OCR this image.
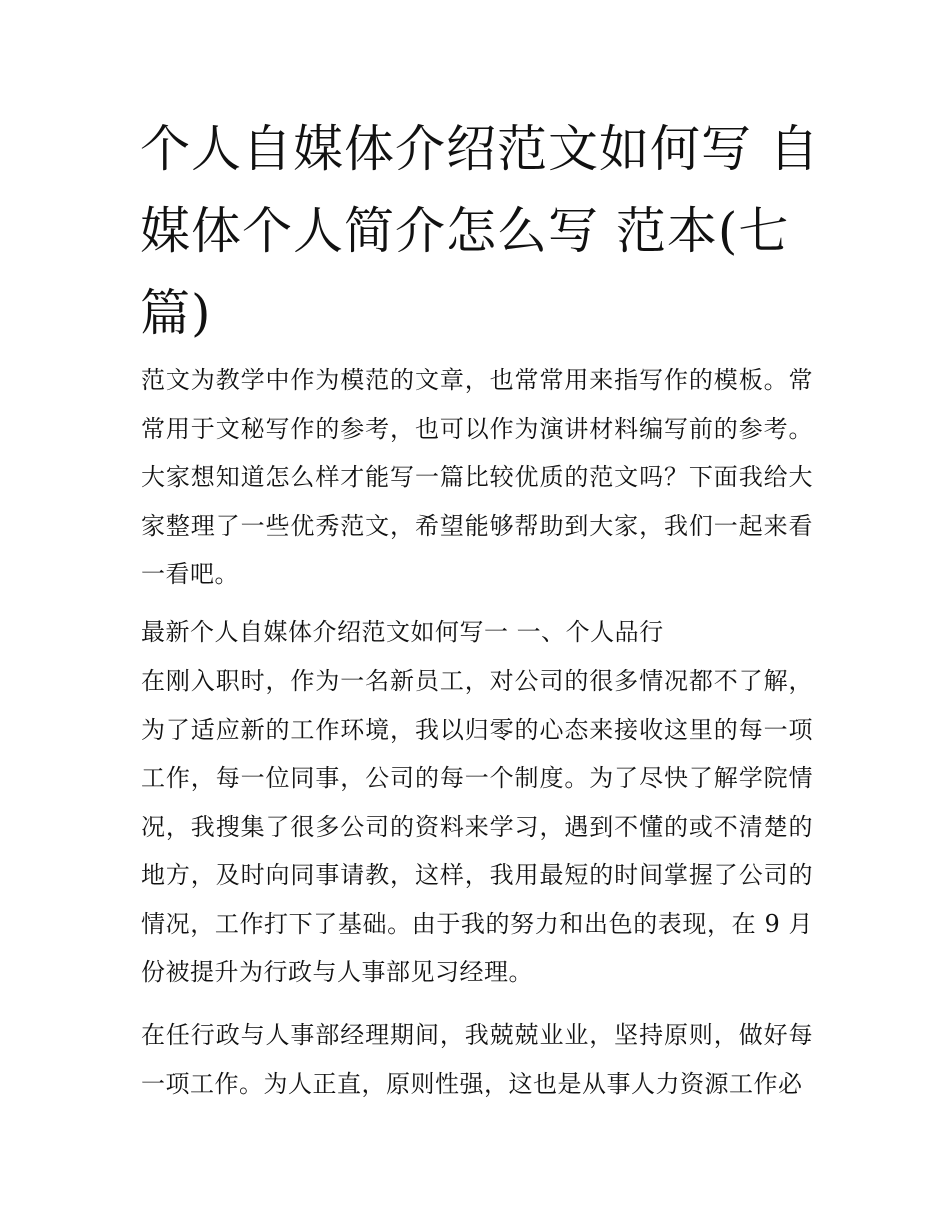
个人自媒体介绍范文如何写 自媒体个人简介怎么写 范本(七篇)

范文为教学中作为模范的文章，也常常用来指写作的模板。常常用于文秘写作的参考，也可以作为演讲材料编写前的参考。大家想知道怎么样才能写一篇比较优质的范文吗？下面我给大家整理了一些优秀范文，希望能够帮助到大家，我们一起来看一看吧。

最新个人自媒体介绍范文如何写一 一、个人品行

在刚入职时，作为一名新员工，对公司的很多情况都不了解，为了适应新的工作环境，我以归零的心态来接收这里的每一项工作，每一位同事，公司的每一个制度。为了尽快了解学院情况，我搜集了很多公司的资料来学习，遇到不懂的或不清楚的地方，及时向同事请教，这样，我用最短的时间掌握了公司的情况，工作打下了基础。由于我的努力和出色的表现，在 9 月份被提升为行政与人事部见习经理。

在任行政与人事部经理期间，我兢兢业业，坚持原则，做好每一项工作。为人正直，原则性强，这也是从事人力资源工作必
